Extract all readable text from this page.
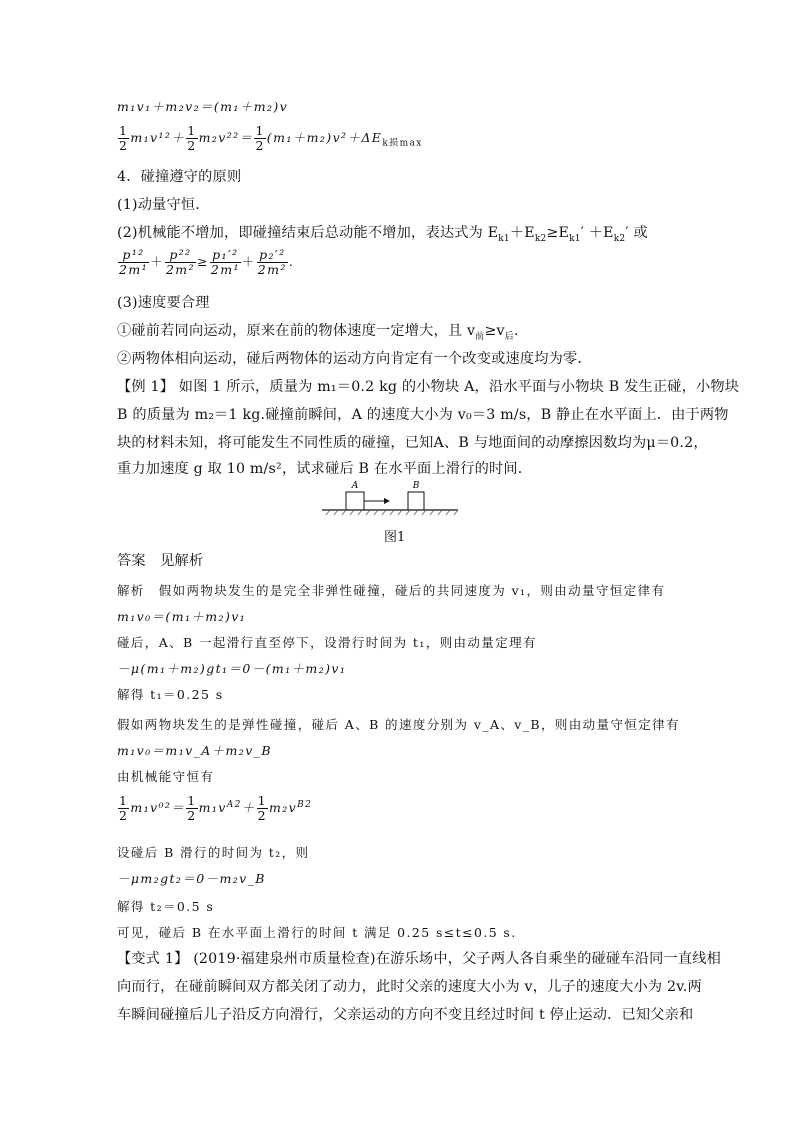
m₁v₁＋m₂v₂＝(m₁＋m₂)v
$\frac{1}{2} m_1v^{12}+ \frac{1}{2} m_2v^{22}= \frac{1}{2} (m_1+m_2)v^2+\Delta E_{k损max}$
4．碰撞遵守的原则
(1)动量守恒．
(2)机械能不增加，即碰撞结束后总动能不增加，表达式为 $E_{k1}+E_{k2}\ge E_{k1}' +E_{k2}'$ 或
$\frac{\text{p¹²}}{\text{2m¹}} + \frac{\text{p²²}}{\text{2m²}} \ge \frac{\text{p₁′²}}{\text{2m¹}} + \frac{\text{p₂′²}}{\text{2m²}}$ .
(3)速度要合理
①碰前若同向运动，原来在前的物体速度一定增大，且 $v_前\ge v_后$.
②两物体相向运动，碰后两物体的运动方向肯定有一个改变或速度均为零．
【例 1】 如图 1 所示，质量为 m₁＝0.2 kg 的小物块 A，沿水平面与小物块 B 发生正碰，小物块
B 的质量为 m₂＝1 kg.碰撞前瞬间，A 的速度大小为 v₀＝3 m/s，B 静止在水平面上．由于两物
块的材料未知，将可能发生不同性质的碰撞，已知A、B 与地面间的动摩擦因数均为μ＝0.2，
重力加速度 g 取 10 m/s²，试求碰后 B 在水平面上滑行的时间．
A	B
图1
答案　见解析
解析　假如两物块发生的是完全非弹性碰撞，碰后的共同速度为 v₁，则由动量守恒定律有
m₁v₀＝(m₁＋m₂)v₁
碰后，A、B 一起滑行直至停下，设滑行时间为 t₁，则由动量定理有
－μ(m₁＋m₂)gt₁＝0－(m₁＋m₂)v₁
解得 t₁＝0.25 s
假如两物块发生的是弹性碰撞，碰后 A、B 的速度分别为 v_A、v_B，则由动量守恒定律有
m₁v₀＝m₁v_A＋m₂v_B
由机械能守恒有
$\frac{1}{2} m_1v^{02}= \frac{1}{2} m_1v^{A2}+ \frac{1}{2} m_2v^{B2}$
设碰后 B 滑行的时间为 t₂，则
－μm₂gt₂＝0－m₂v_B
解得 t₂＝0.5 s
可见，碰后 B 在水平面上滑行的时间 t 满足 0.25 s≤t≤0.5 s.
【变式 1】 (2019·福建泉州市质量检查)在游乐场中，父子两人各自乘坐的碰碰车沿同一直线相
向而行，在碰前瞬间双方都关闭了动力，此时父亲的速度大小为 v，儿子的速度大小为 2v.两
车瞬间碰撞后儿子沿反方向滑行，父亲运动的方向不变且经过时间 t 停止运动．已知父亲和
